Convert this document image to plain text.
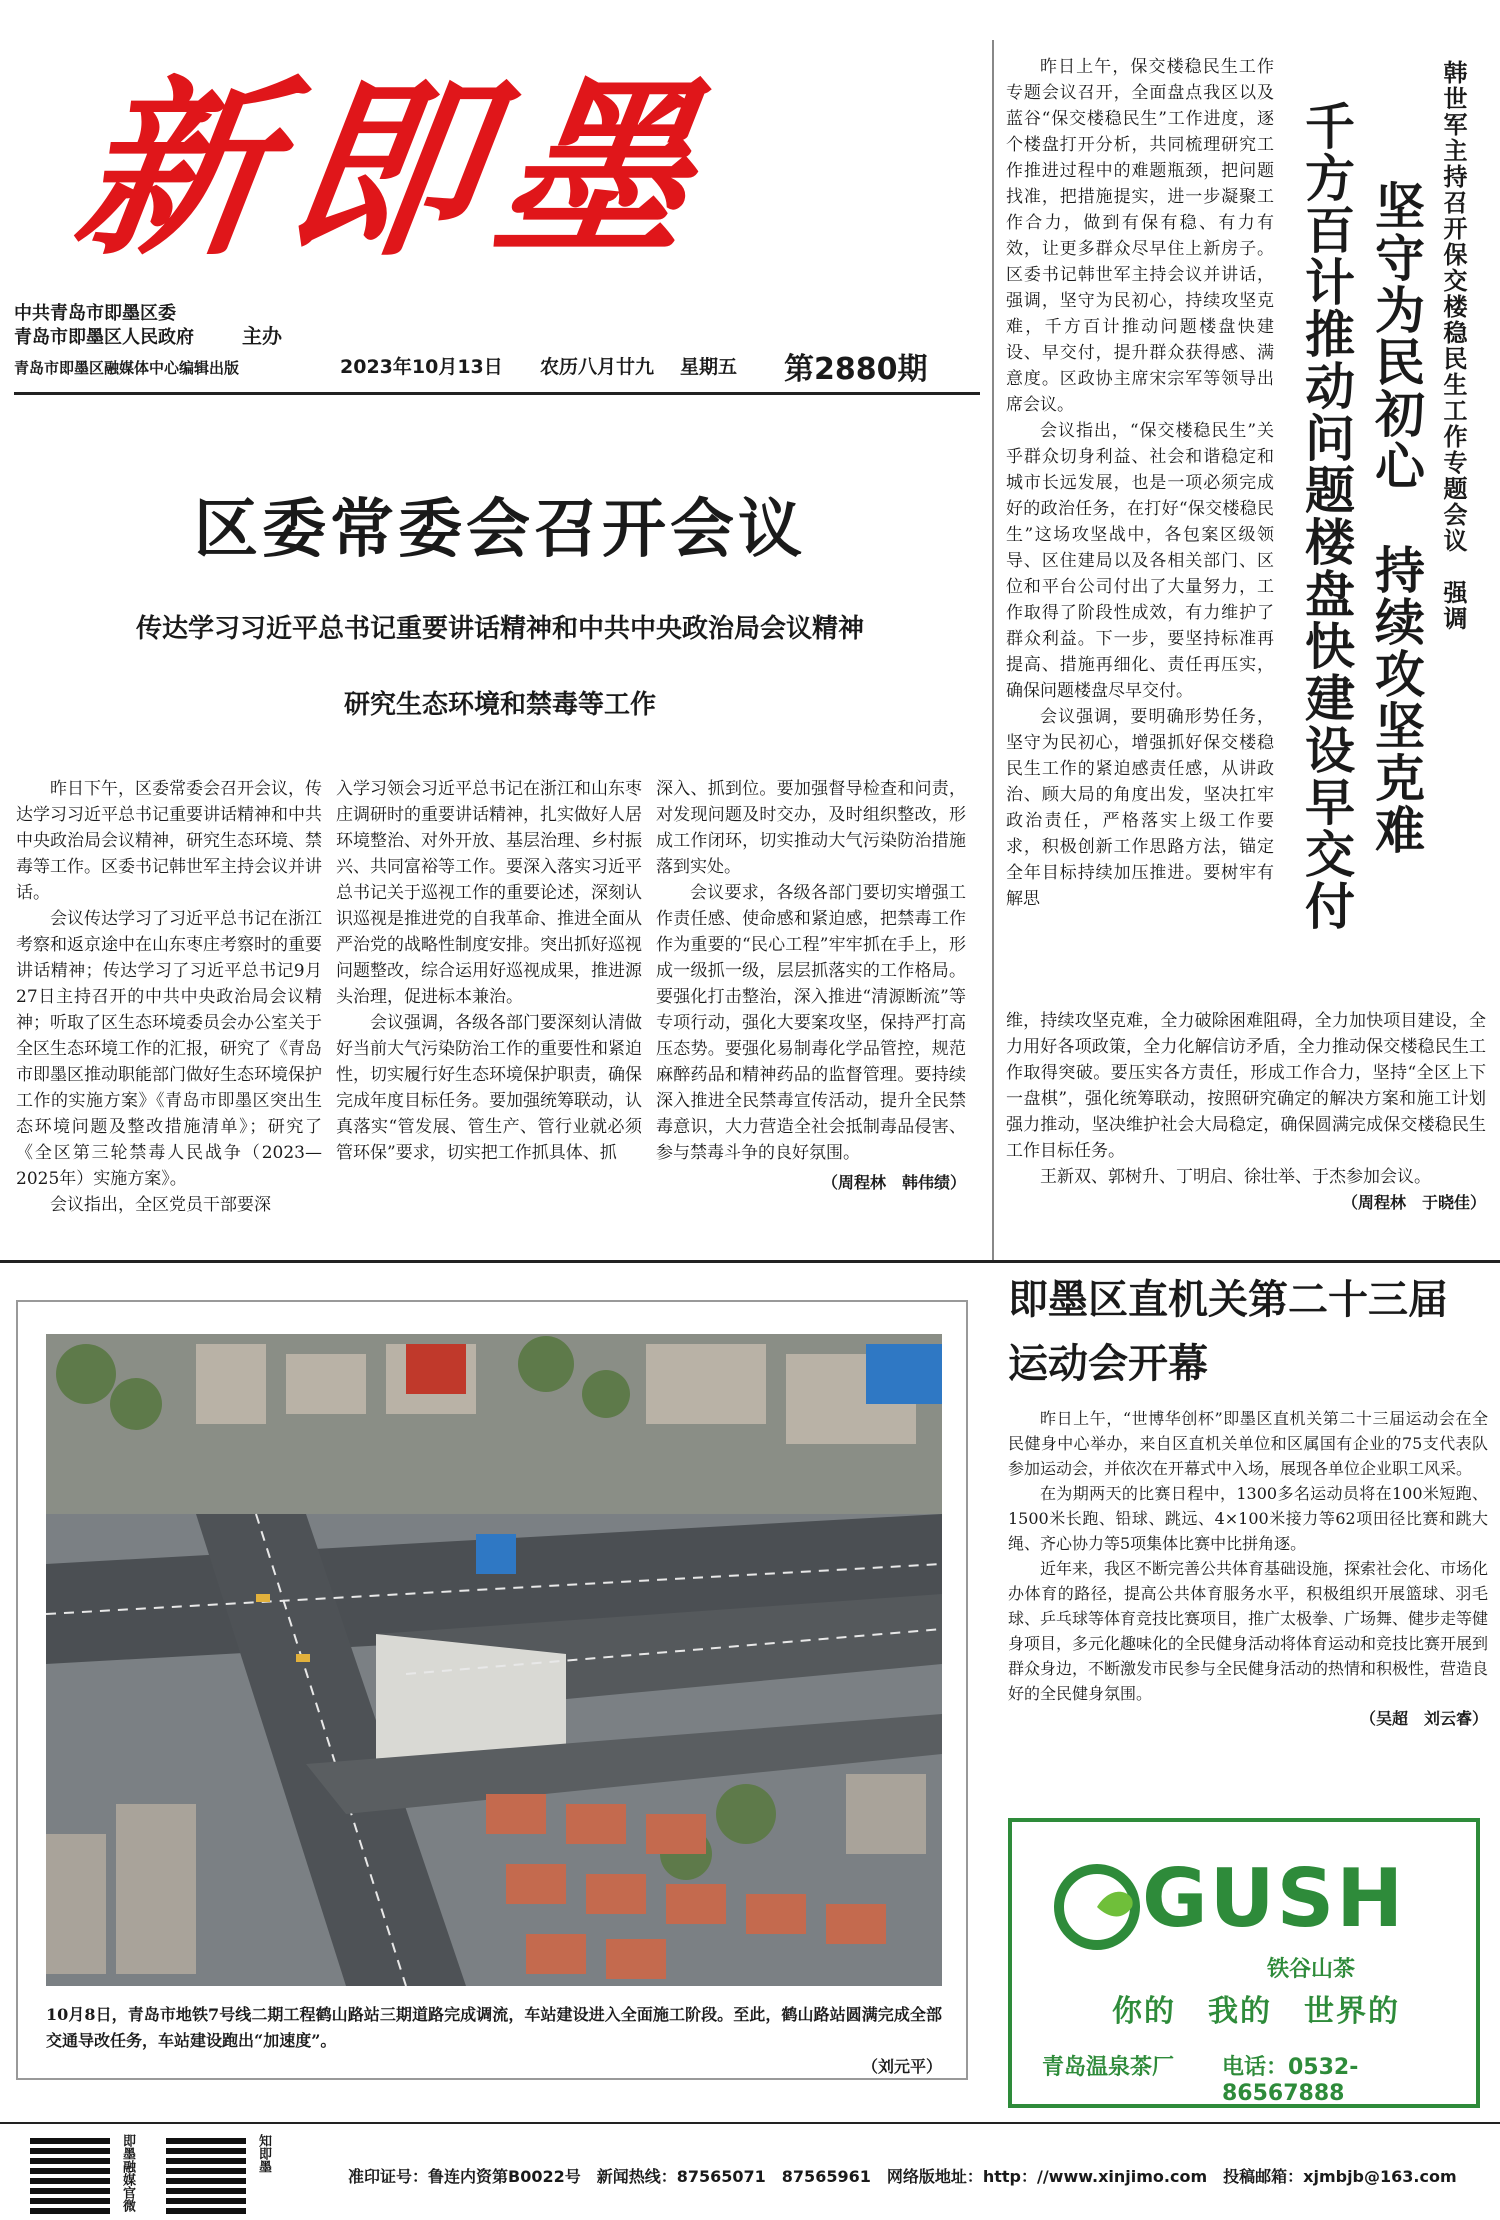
新即墨
中共青岛市即墨区委
青岛市即墨区人民政府	主办
青岛市即墨区融媒体中心编辑出版	2023年10月13日	农历八月廿九 星期五 第2880期
区委常委会召开会议
传达学习习近平总书记重要讲话精神和中共中央政治局会议精神
研究生态环境和禁毒等工作

昨日下午，区委常委会召开会议，传达学习习近平总书记重要讲话精神和中共中央政治局会议精神，研究生态环境、禁毒等工作。区委书记韩世军主持会议并讲话。

会议传达学习了习近平总书记在浙江考察和返京途中在山东枣庄考察时的重要讲话精神；传达学习了习近平总书记9月27日主持召开的中共中央政治局会议精神；听取了区生态环境委员会办公室关于全区生态环境工作的汇报，研究了《青岛市即墨区推动职能部门做好生态环境保护工作的实施方案》《青岛市即墨区突出生态环境问题及整改措施清单》；研究了《全区第三轮禁毒人民战争（2023—2025年）实施方案》。

会议指出，全区党员干部要深

入学习领会习近平总书记在浙江和山东枣庄调研时的重要讲话精神，扎实做好人居环境整治、对外开放、基层治理、乡村振兴、共同富裕等工作。要深入落实习近平总书记关于巡视工作的重要论述，深刻认识巡视是推进党的自我革命、推进全面从严治党的战略性制度安排。突出抓好巡视问题整改，综合运用好巡视成果，推进源头治理，促进标本兼治。

会议强调，各级各部门要深刻认清做好当前大气污染防治工作的重要性和紧迫性，切实履行好生态环境保护职责，确保完成年度目标任务。要加强统筹联动，认真落实“管发展、管生产、管行业就必须管环保”要求，切实把工作抓具体、抓

深入、抓到位。要加强督导检查和问责，对发现问题及时交办，及时组织整改，形成工作闭环，切实推动大气污染防治措施落到实处。

会议要求，各级各部门要切实增强工作责任感、使命感和紧迫感，把禁毒工作作为重要的“民心工程”牢牢抓在手上，形成一级抓一级，层层抓落实的工作格局。要强化打击整治，深入推进“清源断流”等专项行动，强化大要案攻坚，保持严打高压态势。要强化易制毒化学品管控，规范麻醉药品和精神药品的监督管理。要持续深入推进全民禁毒宣传活动，提升全民禁毒意识，大力营造全社会抵制毒品侵害、参与禁毒斗争的良好氛围。

（周程林　韩伟绩）
韩世军主持召开保交楼稳民生工作专题会议　强调
坚守为民初心　持续攻坚克难
千方百计推动问题楼盘快建设早交付

昨日上午，保交楼稳民生工作专题会议召开，全面盘点我区以及蓝谷“保交楼稳民生”工作进度，逐个楼盘打开分析，共同梳理研究工作推进过程中的难题瓶颈，把问题找准，把措施提实，进一步凝聚工作合力，做到有保有稳、有力有效，让更多群众尽早住上新房子。区委书记韩世军主持会议并讲话，强调，坚守为民初心，持续攻坚克难，千方百计推动问题楼盘快建设、早交付，提升群众获得感、满意度。区政协主席宋宗军等领导出席会议。

会议指出，“保交楼稳民生”关乎群众切身利益、社会和谐稳定和城市长远发展，也是一项必须完成好的政治任务，在打好“保交楼稳民生”这场攻坚战中，各包案区级领导、区住建局以及各相关部门、区位和平台公司付出了大量努力，工作取得了阶段性成效，有力维护了群众利益。下一步，要坚持标准再提高、措施再细化、责任再压实，确保问题楼盘尽早交付。

会议强调，要明确形势任务，坚守为民初心，增强抓好保交楼稳民生工作的紧迫感责任感，从讲政治、顾大局的角度出发，坚决扛牢政治责任，严格落实上级工作要求，积极创新工作思路方法，锚定全年目标持续加压推进。要树牢有解思

维，持续攻坚克难，全力破除困难阻碍，全力加快项目建设，全力用好各项政策，全力化解信访矛盾，全力推动保交楼稳民生工作取得突破。要压实各方责任，形成工作合力，坚持“全区上下一盘棋”，强化统筹联动，按照研究确定的解决方案和施工计划强力推动，坚决维护社会大局稳定，确保圆满完成保交楼稳民生工作目标任务。

王新双、郭树升、丁明启、徐壮举、于杰参加会议。

（周程林　于晓佳）
10月8日，青岛市地铁7号线二期工程鹤山路站三期道路完成调流，车站建设进入全面施工阶段。至此，鹤山路站圆满完成全部交通导改任务，车站建设跑出“加速度”。
（刘元平）
即墨区直机关第二十三届
运动会开幕

昨日上午，“世博华创杯”即墨区直机关第二十三届运动会在全民健身中心举办，来自区直机关单位和区属国有企业的75支代表队参加运动会，并依次在开幕式中入场，展现各单位企业职工风采。

在为期两天的比赛日程中，1300多名运动员将在100米短跑、1500米长跑、铅球、跳远、4×100米接力等62项田径比赛和跳大绳、齐心协力等5项集体比赛中比拼角逐。

近年来，我区不断完善公共体育基础设施，探索社会化、市场化办体育的路径，提高公共体育服务水平，积极组织开展篮球、羽毛球、乒乓球等体育竞技比赛项目，推广太极拳、广场舞、健步走等健身项目，多元化趣味化的全民健身活动将体育运动和竞技比赛开展到群众身边，不断激发市民参与全民健身活动的热情和积极性，营造良好的全民健身氛围。

（吴超　刘云睿）
GUSH
铁谷山茶
你的　我的　世界的
青岛温泉茶厂 电话：0532-86567888
即墨融媒官微	知即墨
准印证号：鲁连内资第B0022号　新闻热线：87565071　87565961　网络版地址：http：//www.xinjimo.com　投稿邮箱：xjmbjb@163.com
